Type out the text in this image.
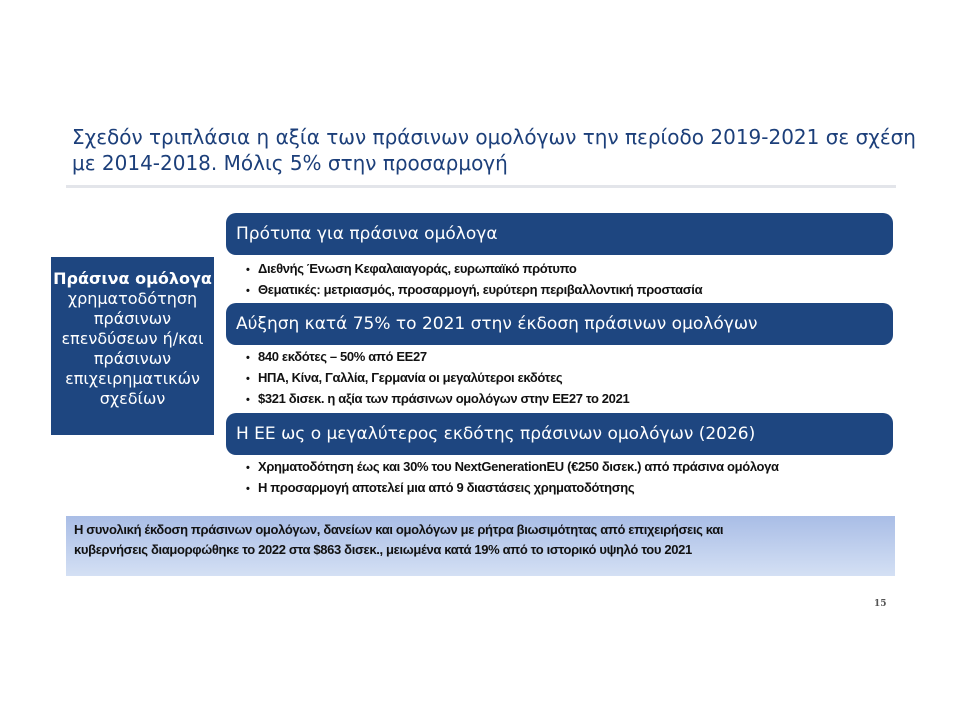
Σχεδόν τριπλάσια η αξία των πράσινων ομολόγων την περίοδο 2019-2021 σε σχέση
με 2014-2018. Μόλις 5% στην προσαρμογή
Πράσινα ομόλογα
χρηματοδότηση
πράσινων
επενδύσεων ή/και
πράσινων
επιχειρηματικών
σχεδίων
Πρότυπα για πράσινα ομόλογα
• Διεθνής Ένωση Κεφαλαιαγοράς, ευρωπαϊκό πρότυπο
• Θεματικές: μετριασμός, προσαρμογή, ευρύτερη περιβαλλοντική προστασία
Αύξηση κατά 75% το 2021 στην έκδοση πράσινων ομολόγων
• 840 εκδότες – 50% από ΕΕ27
• ΗΠΑ, Κίνα, Γαλλία, Γερμανία οι μεγαλύτεροι εκδότες
• $321 δισεκ. η αξία των πράσινων ομολόγων στην ΕΕ27 το 2021
Η ΕΕ ως ο μεγαλύτερος εκδότης πράσινων ομολόγων (2026)
• Χρηματοδότηση έως και 30% του NextGenerationEU (€250 δισεκ.) από πράσινα ομόλογα
• Η προσαρμογή αποτελεί μια από 9 διαστάσεις χρηματοδότησης
Η συνολική έκδοση πράσινων ομολόγων, δανείων και ομολόγων με ρήτρα βιωσιμότητας από επιχειρήσεις και
κυβερνήσεις διαμορφώθηκε το 2022 στα $863 δισεκ., μειωμένα κατά 19% από το ιστορικό υψηλό του 2021
15
